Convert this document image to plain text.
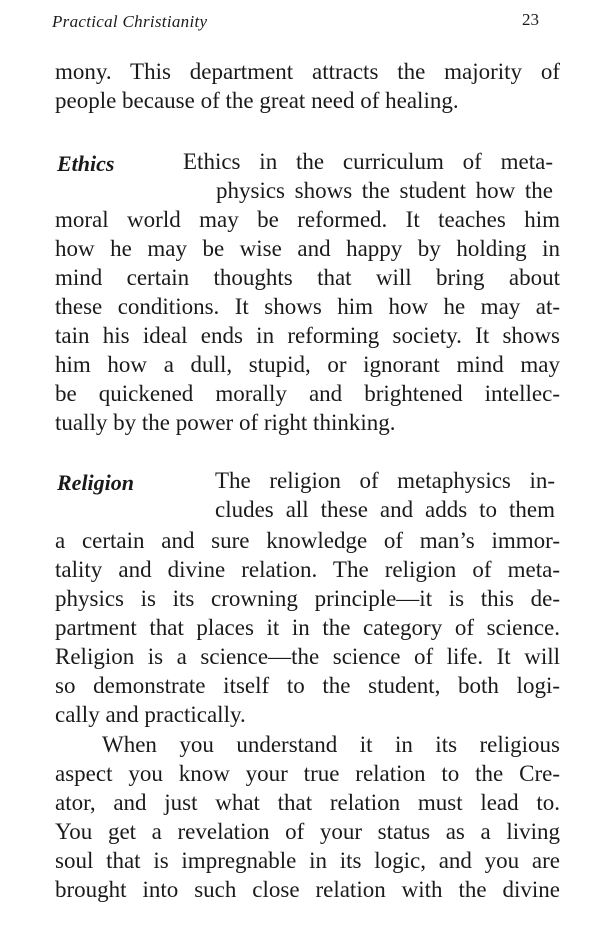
Practical Christianity	23
mony. This department attracts the majority of
people because of the great need of healing.
Ethics	Ethics in the curriculum of meta-
physics shows the student how the
moral world may be reformed. It teaches him
how he may be wise and happy by holding in
mind certain thoughts that will bring about
these conditions. It shows him how he may at-
tain his ideal ends in reforming society. It shows
him how a dull, stupid, or ignorant mind may
be quickened morally and brightened intellec-
tually by the power of right thinking.
Religion	The religion of metaphysics in-
cludes all these and adds to them
a certain and sure knowledge of man’s immor-
tality and divine relation. The religion of meta-
physics is its crowning principle—it is this de-
partment that places it in the category of science.
Religion is a science—the science of life. It will
so demonstrate itself to the student, both logi-
cally and practically.
When you understand it in its religious
aspect you know your true relation to the Cre-
ator, and just what that relation must lead to.
You get a revelation of your status as a living
soul that is impregnable in its logic, and you are
brought into such close relation with the divine
